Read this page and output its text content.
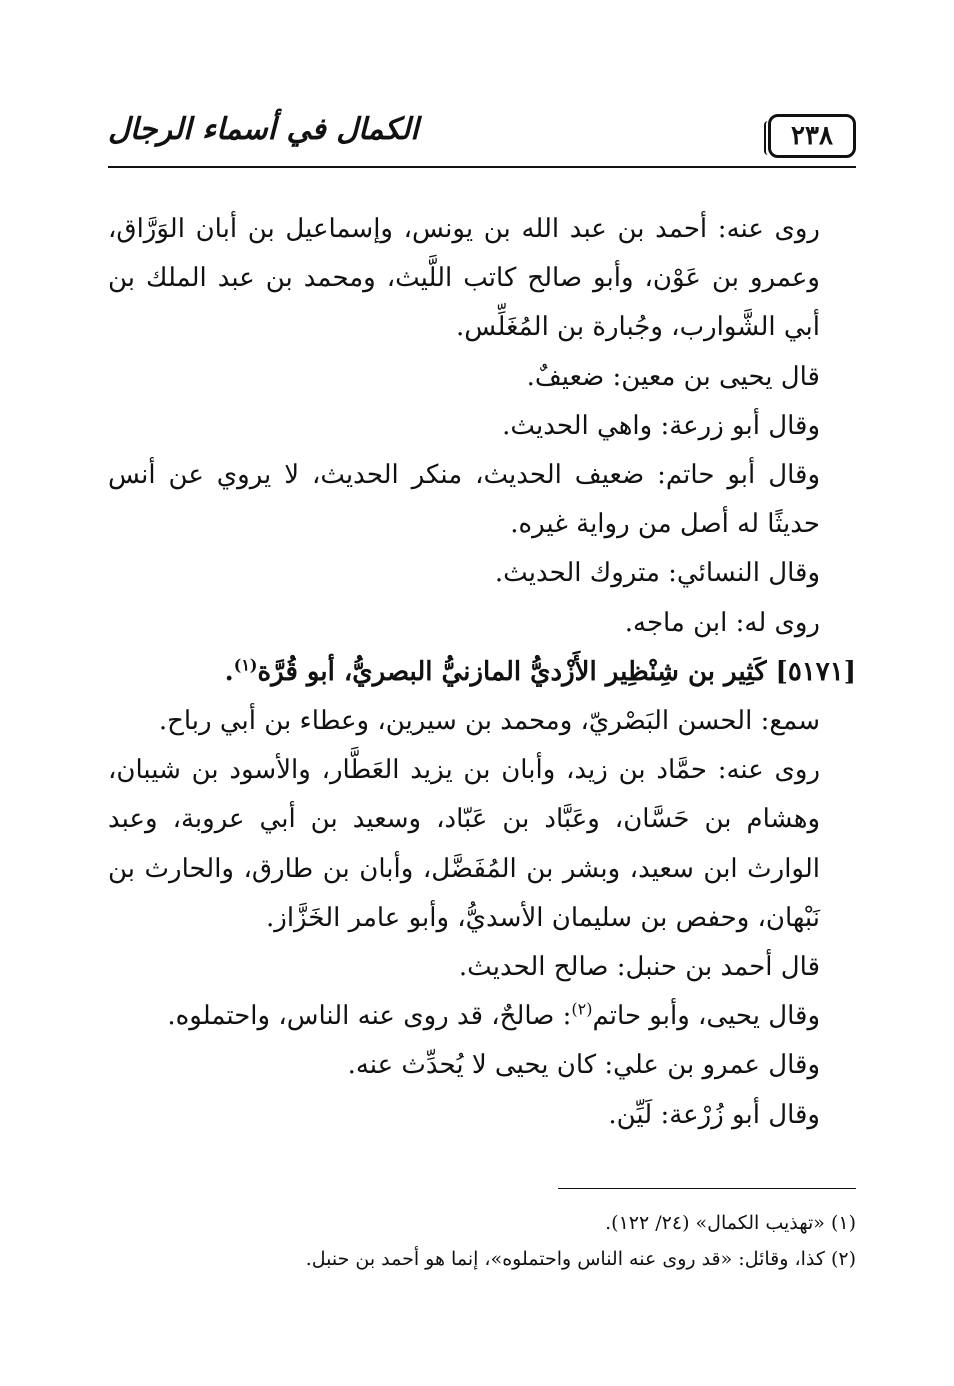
٢٣٨
الكمال في أسماء الرجال

روى عنه: أحمد بن عبد الله بن يونس، وإسماعيل بن أبان الوَرَّاق، وعمرو بن عَوْن، وأبو صالح كاتب اللَّيث، ومحمد بن عبد الملك بن أبي الشَّوارب، وجُبارة بن المُغَلِّس.

قال يحيى بن معين: ضعيفٌ.

وقال أبو زرعة: واهي الحديث.

وقال أبو حاتم: ضعيف الحديث، منكر الحديث، لا يروي عن أنس حديثًا له أصل من رواية غيره.

وقال النسائي: متروك الحديث.

روى له: ابن ماجه.

[٥١٧١] كَثِير بن شِنْظِير الأَزْديُّ المازنيُّ البصريُّ، أبو قُرَّة$^{(١)}$.

سمع: الحسن البَصْريّ، ومحمد بن سيرين، وعطاء بن أبي رباح.

روى عنه: حمَّاد بن زيد، وأبان بن يزيد العَطَّار، والأسود بن شيبان، وهشام بن حَسَّان، وعَبَّاد بن عَبّاد، وسعيد بن أبي عروبة، وعبد الوارث ابن سعيد، وبشر بن المُفَضَّل، وأبان بن طارق، والحارث بن نَبْهان، وحفص بن سليمان الأسديُّ، وأبو عامر الخَزَّاز.

قال أحمد بن حنبل: صالح الحديث.

وقال يحيى، وأبو حاتم$^{(٢)}$: صالحٌ، قد روى عنه الناس، واحتملوه.

وقال عمرو بن علي: كان يحيى لا يُحدِّث عنه.

وقال أبو زُرْعة: لَيِّن.

(١) «تهذيب الكمال» (٢٤/ ١٢٢).

(٢) كذا، وقائل: «قد روى عنه الناس واحتملوه»، إنما هو أحمد بن حنبل.
